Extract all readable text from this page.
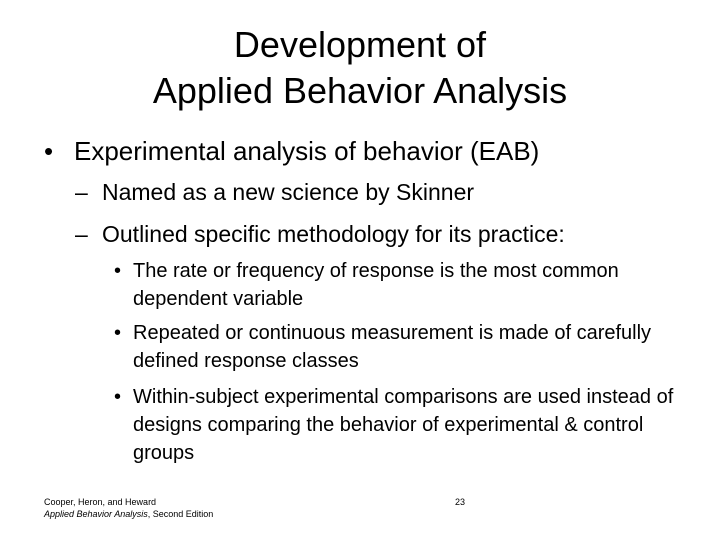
Development of
Applied Behavior Analysis
• Experimental analysis of behavior (EAB)
– Named as a new science by Skinner
– Outlined specific methodology for its practice:
• The rate or frequency of response is the most common dependent variable
• Repeated or continuous measurement is made of carefully defined response classes
• Within-subject experimental comparisons are used instead of designs comparing the behavior of experimental & control groups
Cooper, Heron, and Heward
Applied Behavior Analysis, Second Edition
23
